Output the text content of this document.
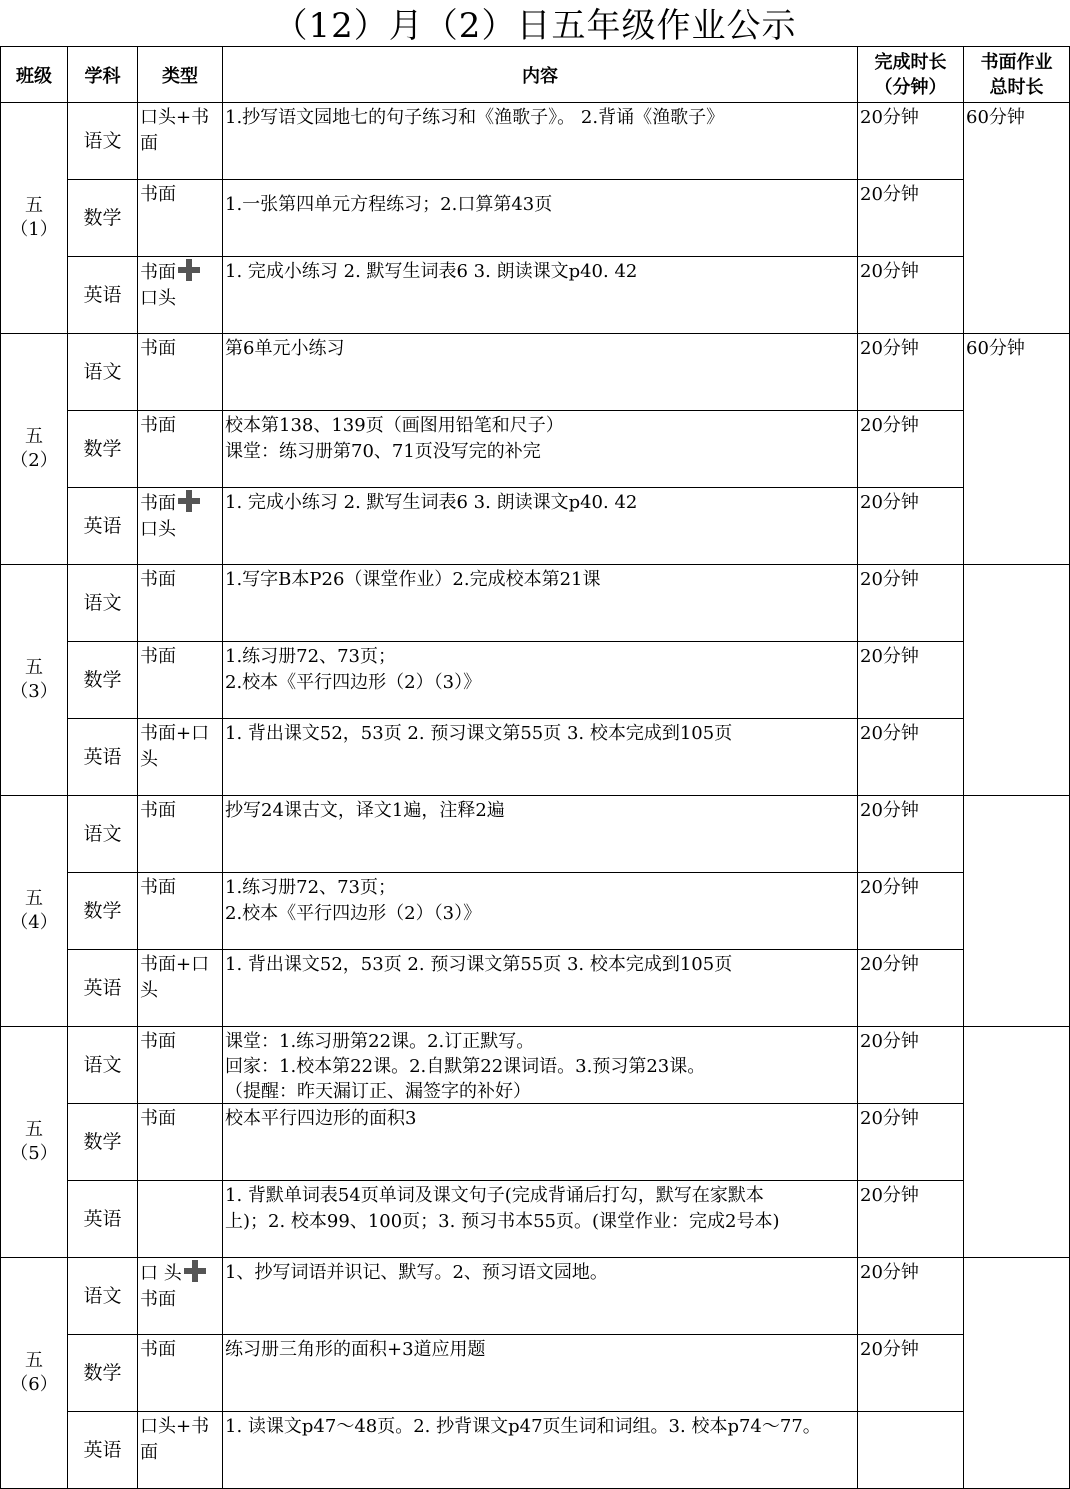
（12）月（2）日五年级作业公示
班级	学科	类型	内容	完成时长
（分钟）	书面作业
总时长

五
（1）	语文	口头+书面	1.抄写语文园地七的句子练习和《渔歌子》。 2.背诵《渔歌子》	20分钟	60分钟
	数学	书面	1.一张第四单元方程练习；2.口算第43页	20分钟	
	英语	书面
口头	1. 完成小练习 2. 默写生词表6 3. 朗读课文p40. 42	20分钟	

五
（2）	语文	书面	第6单元小练习	20分钟	60分钟
	数学	书面	校本第138、139页（画图用铅笔和尺子）
课堂：练习册第70、71页没写完的补完	20分钟	
	英语	书面
口头	1. 完成小练习 2. 默写生词表6 3. 朗读课文p40. 42	20分钟	

五
（3）	语文	书面	1.写字B本P26（课堂作业）2.完成校本第21课	20分钟	
	数学	书面	1.练习册72、73页；
2.校本《平行四边形（2）（3）》	20分钟	
	英语	书面+口头	1. 背出课文52，53页 2. 预习课文第55页 3. 校本完成到105页	20分钟	

五
（4）	语文	书面	抄写24课古文，译文1遍，注释2遍	20分钟	
	数学	书面	1.练习册72、73页；
2.校本《平行四边形（2）（3）》	20分钟	
	英语	书面+口头	1. 背出课文52，53页 2. 预习课文第55页 3. 校本完成到105页	20分钟	

五
（5）	语文	书面	课堂：1.练习册第22课。2.订正默写。
回家：1.校本第22课。2.自默第22课词语。3.预习第23课。
（提醒：昨天漏订正、漏签字的补好）	20分钟	
	数学	书面	校本平行四边形的面积3	20分钟	
	英语		1. 背默单词表54页单词及课文句子(完成背诵后打勾，默写在家默本
上)；2. 校本99、100页；3. 预习书本55页。(课堂作业：完成2号本)	20分钟	

五
（6）	语文	口 头
书面	1、抄写词语并识记、默写。2、预习语文园地。	20分钟	
	数学	书面	练习册三角形的面积+3道应用题	20分钟	
	英语	口头+书面	1. 读课文p47～48页。2. 抄背课文p47页生词和词组。3. 校本p74～77。		
